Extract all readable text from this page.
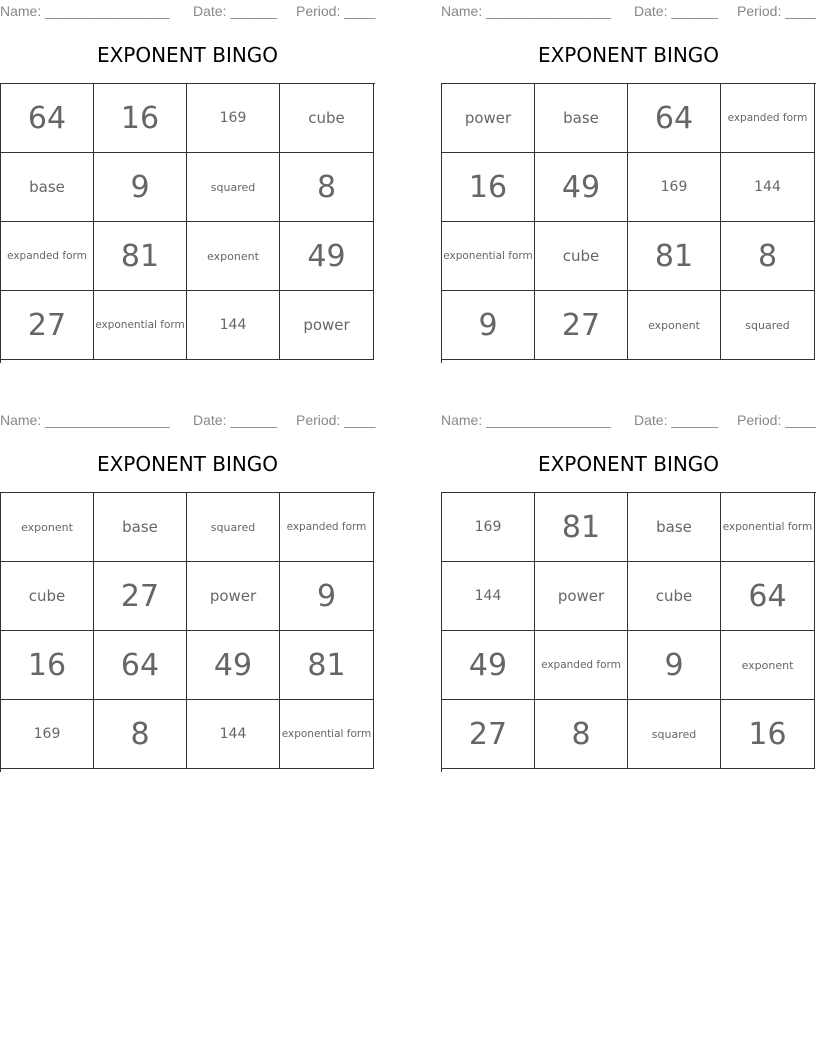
Name: ________________ Date: ______ Period: ____
EXPONENT BINGO
64	16	169	cube
base	9	squared	8
expanded form	81	exponent	49
27	exponential form	144	power
Name: ________________ Date: ______ Period: ____
EXPONENT BINGO
power	base	64	expanded form
16	49	169	144
exponential form	cube	81	8
9	27	exponent	squared
Name: ________________ Date: ______ Period: ____
EXPONENT BINGO
exponent	base	squared	expanded form
cube	27	power	9
16	64	49	81
169	8	144	exponential form
Name: ________________ Date: ______ Period: ____
EXPONENT BINGO
169	81	base	exponential form
144	power	cube	64
49	expanded form	9	exponent
27	8	squared	16
